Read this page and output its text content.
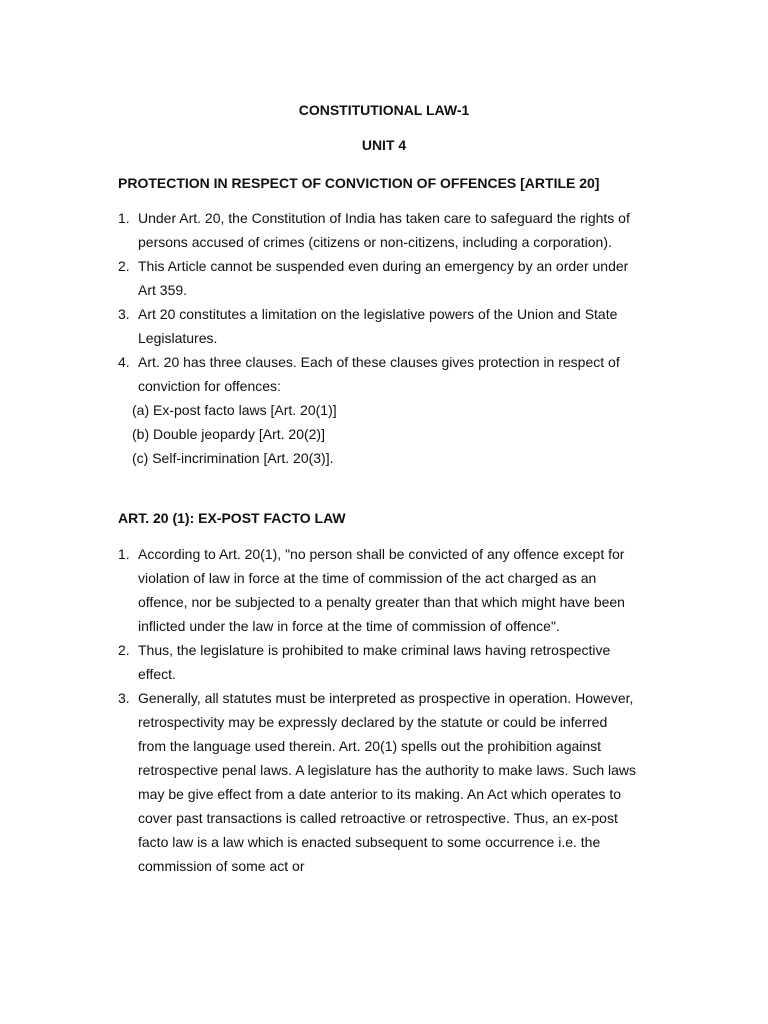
CONSTITUTIONAL LAW-1
UNIT 4
PROTECTION IN RESPECT OF CONVICTION OF OFFENCES [ARTILE 20]
1. Under Art. 20, the Constitution of India has taken care to safeguard the rights of persons accused of crimes (citizens or non-citizens, including a corporation).
2. This Article cannot be suspended even during an emergency by an order under Art 359.
3. Art 20 constitutes a limitation on the legislative powers of the Union and State Legislatures.
4. Art. 20 has three clauses. Each of these clauses gives protection in respect of conviction for offences:
(a) Ex-post facto laws [Art. 20(1)]
(b) Double jeopardy [Art. 20(2)]
(c) Self-incrimination [Art. 20(3)].
ART. 20 (1): EX-POST FACTO LAW
1. According to Art. 20(1), "no person shall be convicted of any offence except for violation of law in force at the time of commission of the act charged as an offence, nor be subjected to a penalty greater than that which might have been inflicted under the law in force at the time of commission of offence".
2. Thus, the legislature is prohibited to make criminal laws having retrospective effect.
3. Generally, all statutes must be interpreted as prospective in operation. However, retrospectivity may be expressly declared by the statute or could be inferred from the language used therein. Art. 20(1) spells out the prohibition against retrospective penal laws. A legislature has the authority to make laws. Such laws may be give effect from a date anterior to its making. An Act which operates to cover past transactions is called retroactive or retrospective. Thus, an ex-post facto law is a law which is enacted subsequent to some occurrence i.e. the commission of some act or
